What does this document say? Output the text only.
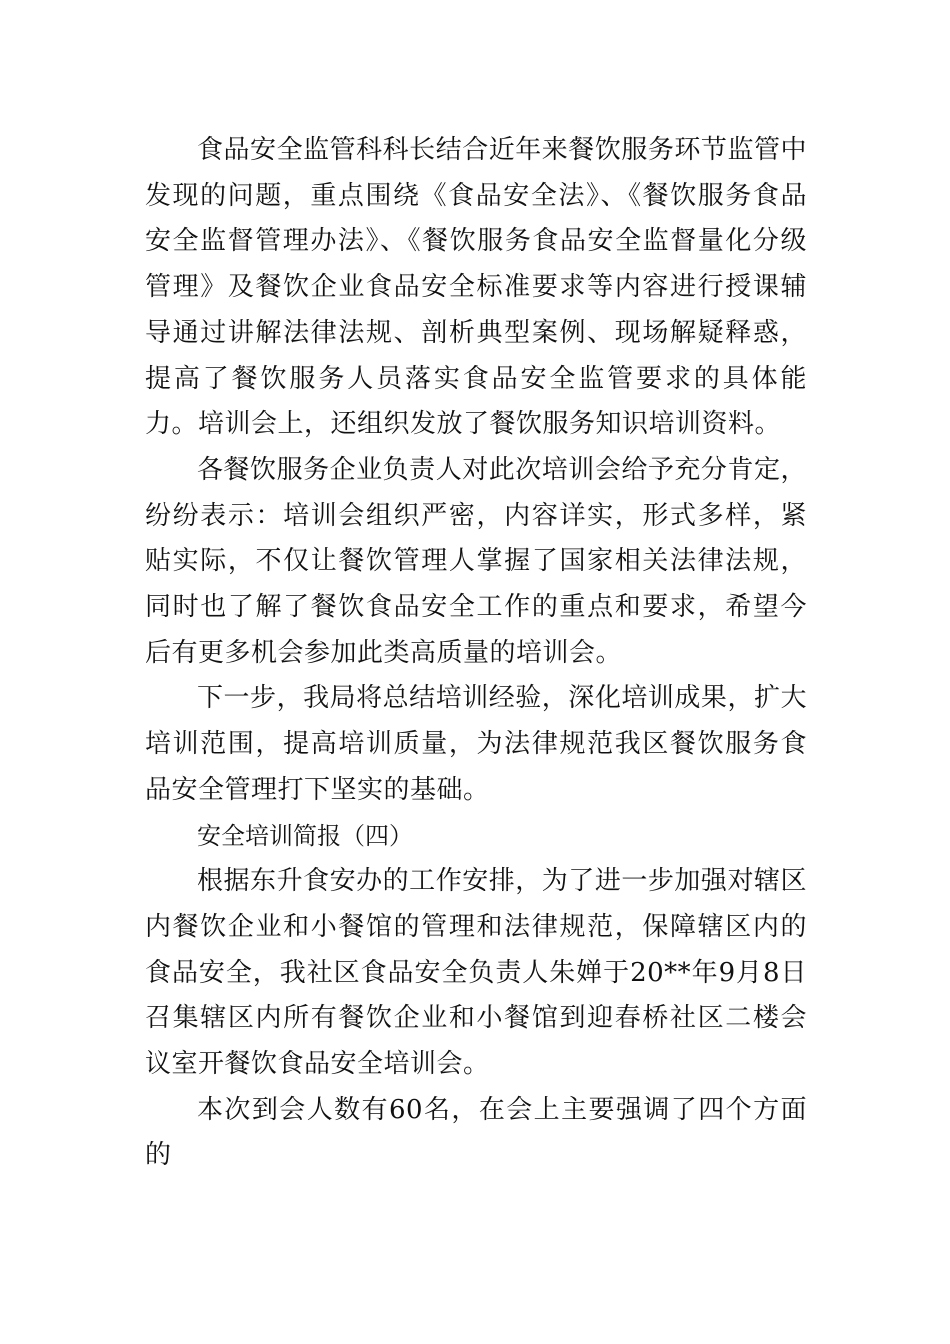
食品安全监管科科长结合近年来餐饮服务环节监管中发现的问题，重点围绕《食品安全法》、《餐饮服务食品安全监督管理办法》、《餐饮服务食品安全监督量化分级管理》及餐饮企业食品安全标准要求等内容进行授课辅导通过讲解法律法规、剖析典型案例、现场解疑释惑，提高了餐饮服务人员落实食品安全监管要求的具体能力。培训会上，还组织发放了餐饮服务知识培训资料。

各餐饮服务企业负责人对此次培训会给予充分肯定，纷纷表示：培训会组织严密，内容详实，形式多样，紧贴实际，不仅让餐饮管理人掌握了国家相关法律法规，同时也了解了餐饮食品安全工作的重点和要求，希望今后有更多机会参加此类高质量的培训会。

下一步，我局将总结培训经验，深化培训成果，扩大培训范围，提高培训质量，为法律规范我区餐饮服务食品安全管理打下坚实的基础。

安全培训简报（四）

根据东升食安办的工作安排，为了进一步加强对辖区内餐饮企业和小餐馆的管理和法律规范，保障辖区内的食品安全，我社区食品安全负责人朱婵于20**年9月8日召集辖区内所有餐饮企业和小餐馆到迎春桥社区二楼会议室开餐饮食品安全培训会。

本次到会人数有60名，在会上主要强调了四个方面的
